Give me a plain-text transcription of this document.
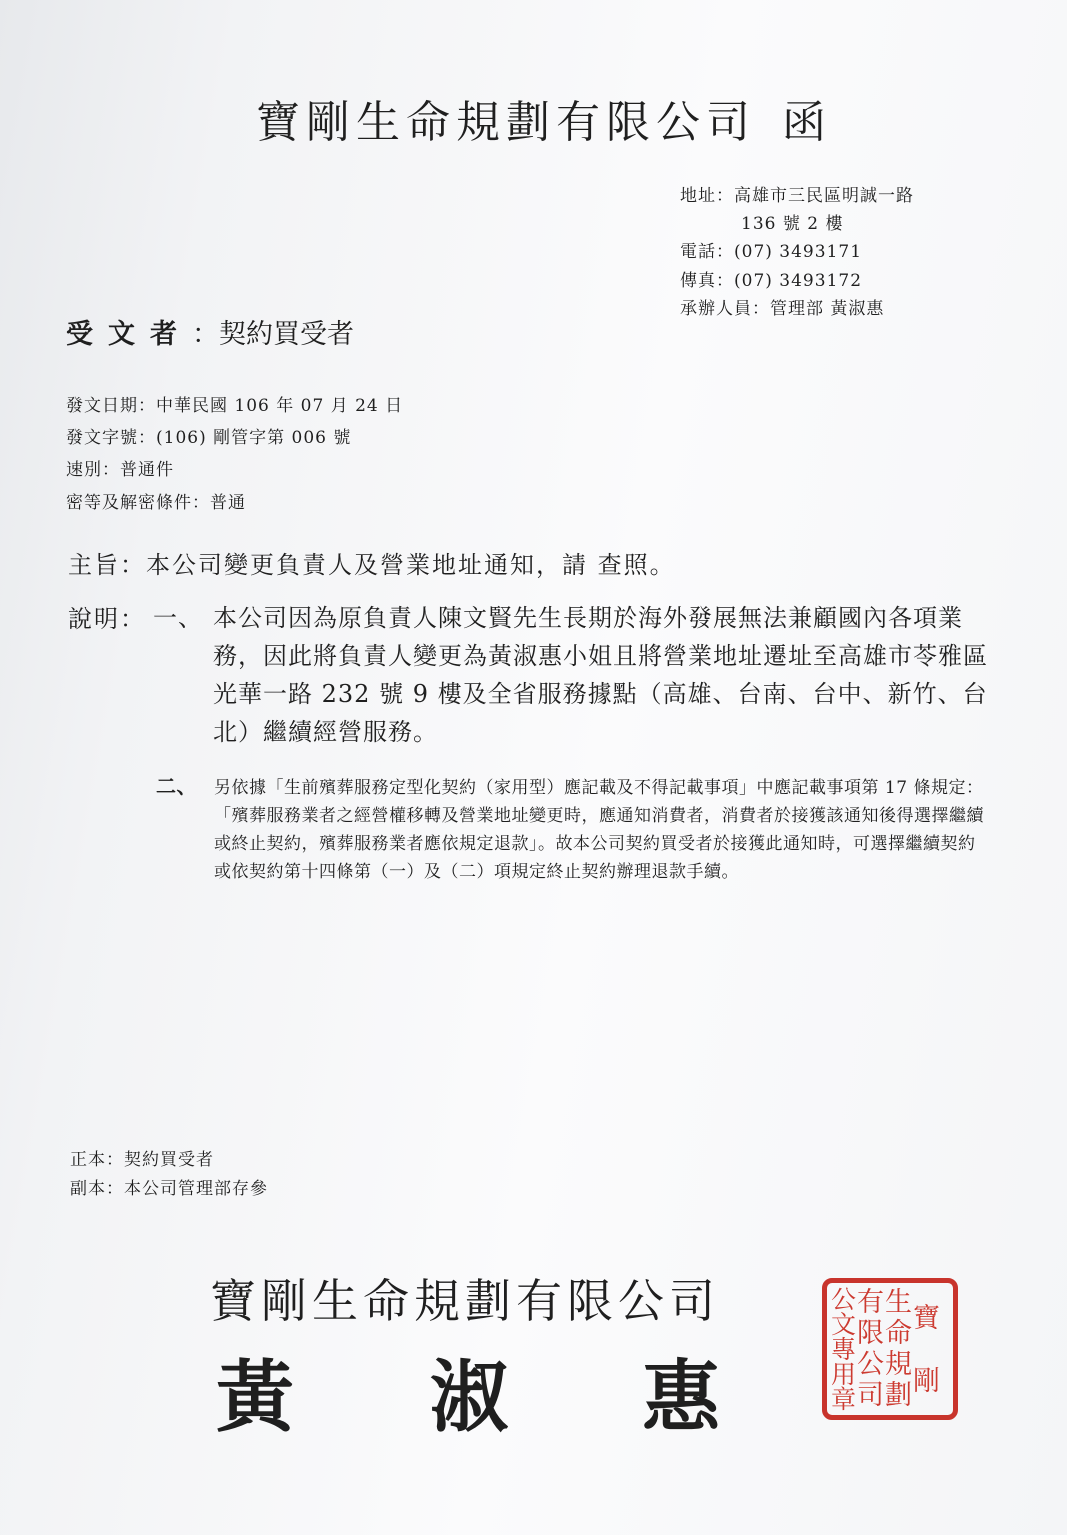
寶剛生命規劃有限公司 函
地址：高雄市三民區明誠一路
136 號 2 樓
電話：(07) 3493171
傳真：(07) 3493172
承辦人員：管理部 黃淑惠
受文者：契約買受者
發文日期：中華民國 106 年 07 月 24 日
發文字號：(106) 剛管字第 006 號
速別：普通件
密等及解密條件：普通
主旨：本公司變更負責人及營業地址通知，請 查照。
說明： 一、 本公司因為原負責人陳文賢先生長期於海外發展無法兼顧國內各項業務，因此將負責人變更為黃淑惠小姐且將營業地址遷址至高雄市苓雅區光華一路 232 號 9 樓及全省服務據點（高雄、台南、台中、新竹、台北）繼續經營服務。
二、 另依據「生前殯葬服務定型化契約（家用型）應記載及不得記載事項」中應記載事項第 17 條規定：「殯葬服務業者之經營權移轉及營業地址變更時，應通知消費者，消費者於接獲該通知後得選擇繼續或終止契約，殯葬服務業者應依規定退款」。故本公司契約買受者於接獲此通知時，可選擇繼續契約或依契約第十四條第（一）及（二）項規定終止契約辦理退款手續。
正本：契約買受者
副本：本公司管理部存參
寶剛生命規劃有限公司
黃 淑 惠
寶
剛
生
命
規
劃
有
限
公
司
公
文
專
用
章
